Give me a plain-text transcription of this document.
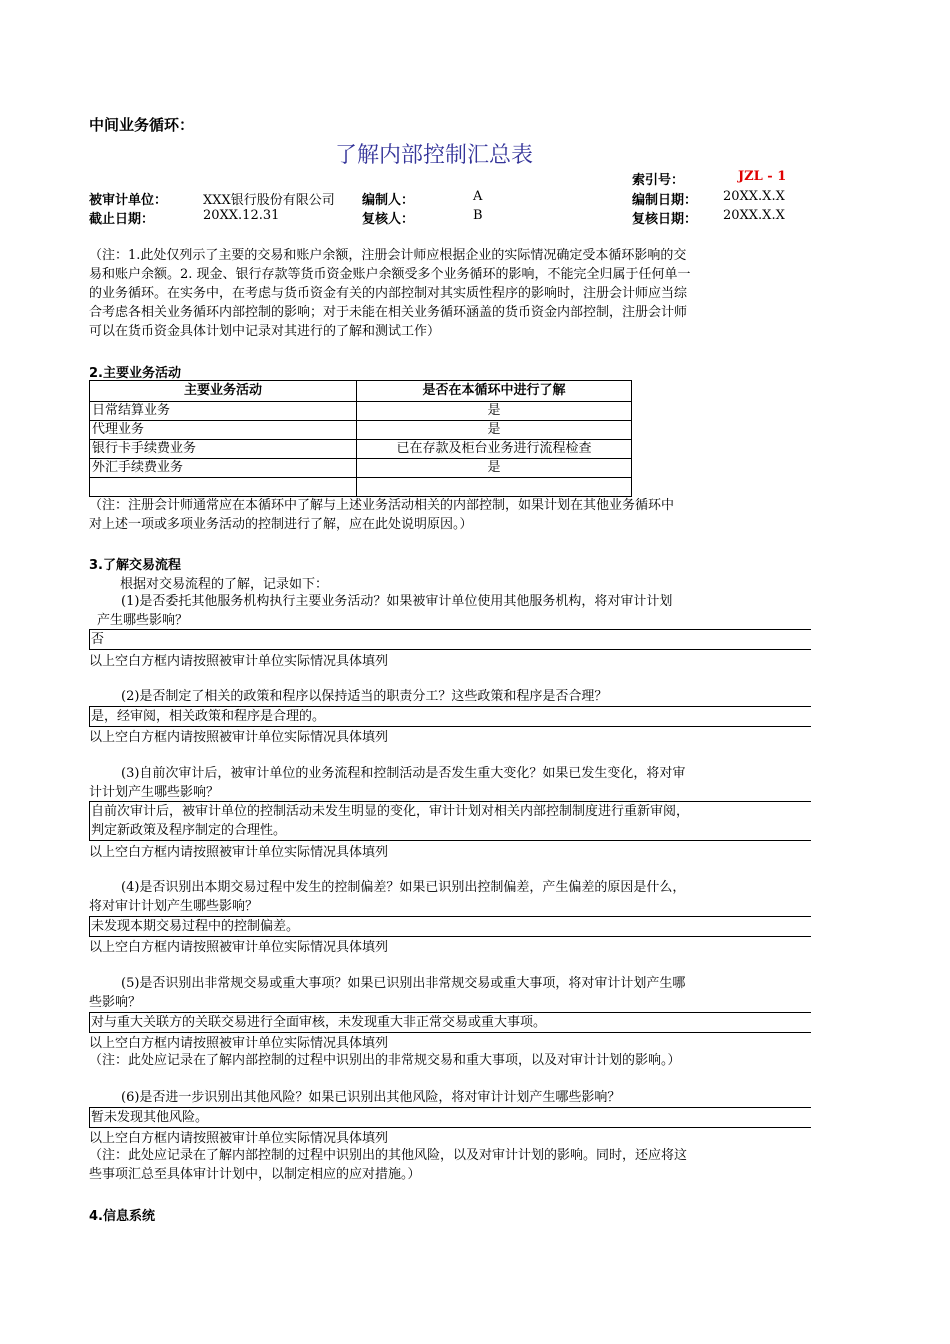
中间业务循环：
了解内部控制汇总表
索引号：	JZL - 1
被审计单位：	XXX银行股份有限公司 编制人：	A	编制日期： 20XX.X.X
截止日期：	20XX.12.31	复核人：	B	复核日期： 20XX.X.X
（注：1.此处仅列示了主要的交易和账户余额，注册会计师应根据企业的实际情况确定受本循环影响的交
易和账户余额。2. 现金、银行存款等货币资金账户余额受多个业务循环的影响，不能完全归属于任何单一
的业务循环。在实务中，在考虑与货币资金有关的内部控制对其实质性程序的影响时，注册会计师应当综
合考虑各相关业务循环内部控制的影响；对于未能在相关业务循环涵盖的货币资金内部控制，注册会计师
可以在货币资金具体计划中记录对其进行的了解和测试工作）
2.主要业务活动
主要业务活动	是否在本循环中进行了解
日常结算业务	是
代理业务	是
银行卡手续费业务	已在存款及柜台业务进行流程检查
外汇手续费业务	是

（注：注册会计师通常应在本循环中了解与上述业务活动相关的内部控制，如果计划在其他业务循环中
对上述一项或多项业务活动的控制进行了解，应在此处说明原因。）
3.了解交易流程
根据对交易流程的了解，记录如下：
(1)是否委托其他服务机构执行主要业务活动？如果被审计单位使用其他服务机构，将对审计计划
产生哪些影响？
否
以上空白方框内请按照被审计单位实际情况具体填列
(2)是否制定了相关的政策和程序以保持适当的职责分工？这些政策和程序是否合理？
是，经审阅，相关政策和程序是合理的。
以上空白方框内请按照被审计单位实际情况具体填列
(3)自前次审计后，被审计单位的业务流程和控制活动是否发生重大变化？如果已发生变化，将对审
计计划产生哪些影响？
自前次审计后，被审计单位的控制活动未发生明显的变化，审计计划对相关内部控制制度进行重新审阅，
判定新政策及程序制定的合理性。
以上空白方框内请按照被审计单位实际情况具体填列
(4)是否识别出本期交易过程中发生的控制偏差？如果已识别出控制偏差，产生偏差的原因是什么，
将对审计计划产生哪些影响？
未发现本期交易过程中的控制偏差。
以上空白方框内请按照被审计单位实际情况具体填列
(5)是否识别出非常规交易或重大事项？如果已识别出非常规交易或重大事项，将对审计计划产生哪
些影响？
对与重大关联方的关联交易进行全面审核，未发现重大非正常交易或重大事项。
以上空白方框内请按照被审计单位实际情况具体填列
（注：此处应记录在了解内部控制的过程中识别出的非常规交易和重大事项，以及对审计计划的影响。）
(6)是否进一步识别出其他风险？如果已识别出其他风险，将对审计计划产生哪些影响？
暂未发现其他风险。
以上空白方框内请按照被审计单位实际情况具体填列
（注：此处应记录在了解内部控制的过程中识别出的其他风险，以及对审计计划的影响。同时，还应将这
些事项汇总至具体审计计划中，以制定相应的应对措施。）
4.信息系统
